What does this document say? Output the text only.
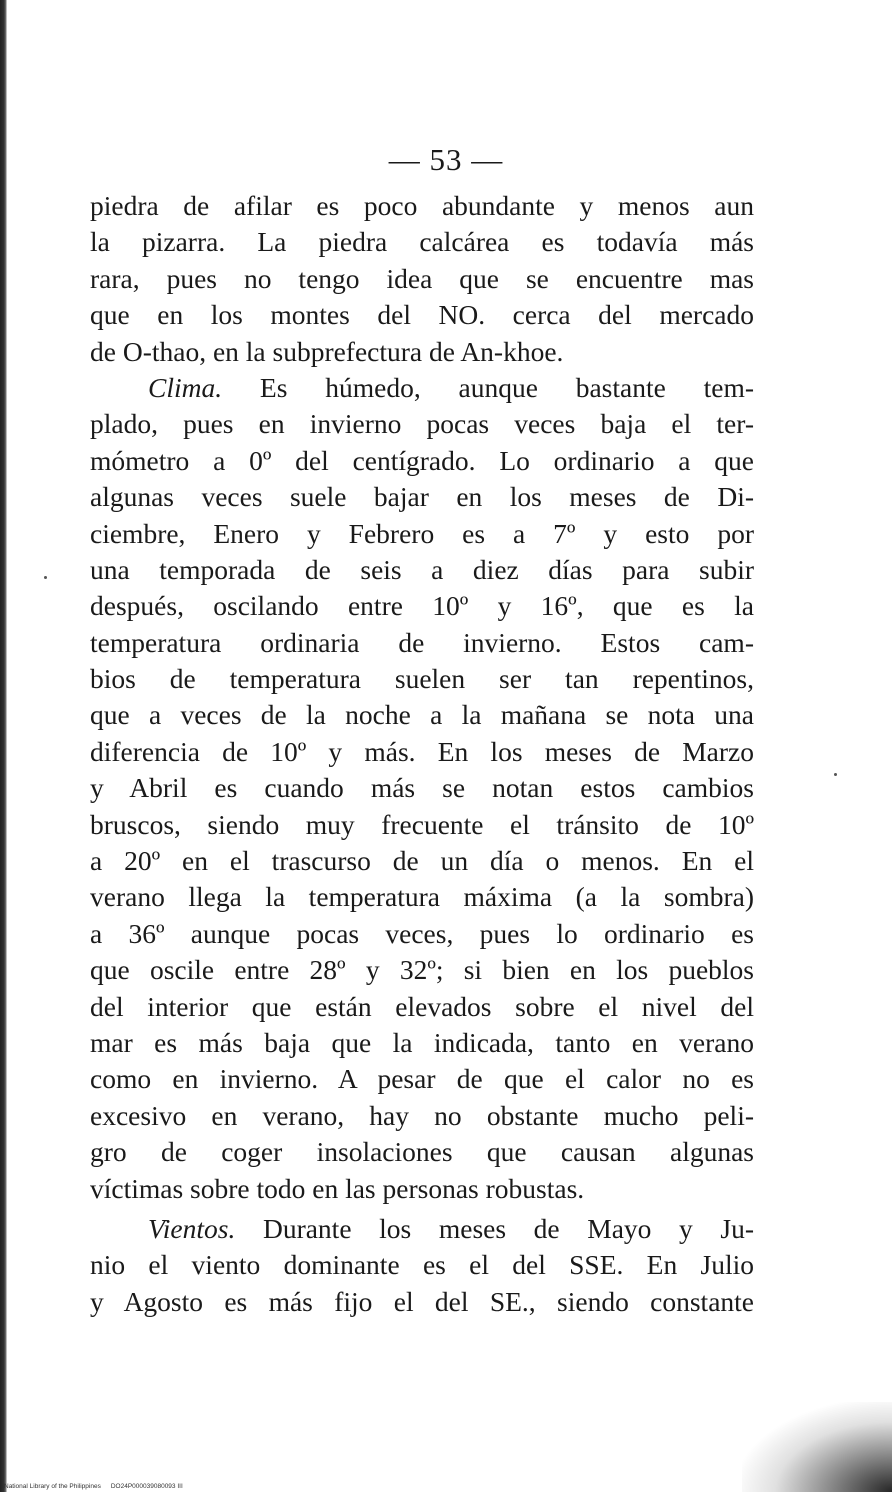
— 53 —
piedra de afilar es poco abundante y menos aun
la pizarra. La piedra calcárea es todavía más
rara, pues no tengo idea que se encuentre mas
que en los montes del NO. cerca del mercado
de O-thao, en la subprefectura de An-khoe.
Clima. Es húmedo, aunque bastante tem-
plado, pues en invierno pocas veces baja el ter-
mómetro a 0º del centígrado. Lo ordinario a que
algunas veces suele bajar en los meses de Di-
ciembre, Enero y Febrero es a 7º y esto por
una temporada de seis a diez días para subir
después, oscilando entre 10º y 16º, que es la
temperatura ordinaria de invierno. Estos cam-
bios de temperatura suelen ser tan repentinos,
que a veces de la noche a la mañana se nota una
diferencia de 10º y más. En los meses de Marzo
y Abril es cuando más se notan estos cambios
bruscos, siendo muy frecuente el tránsito de 10º
a 20º en el trascurso de un día o menos. En el
verano llega la temperatura máxima (a la sombra)
a 36º aunque pocas veces, pues lo ordinario es
que oscile entre 28º y 32º; si bien en los pueblos
del interior que están elevados sobre el nivel del
mar es más baja que la indicada, tanto en verano
como en invierno. A pesar de que el calor no es
excesivo en verano, hay no obstante mucho peli-
gro de coger insolaciones que causan algunas
víctimas sobre todo en las personas robustas.
Vientos. Durante los meses de Mayo y Ju-
nio el viento dominante es el del SSE. En Julio
y Agosto es más fijo el del SE., siendo constante
National Library of the Philippines DO24P000039080093 III
